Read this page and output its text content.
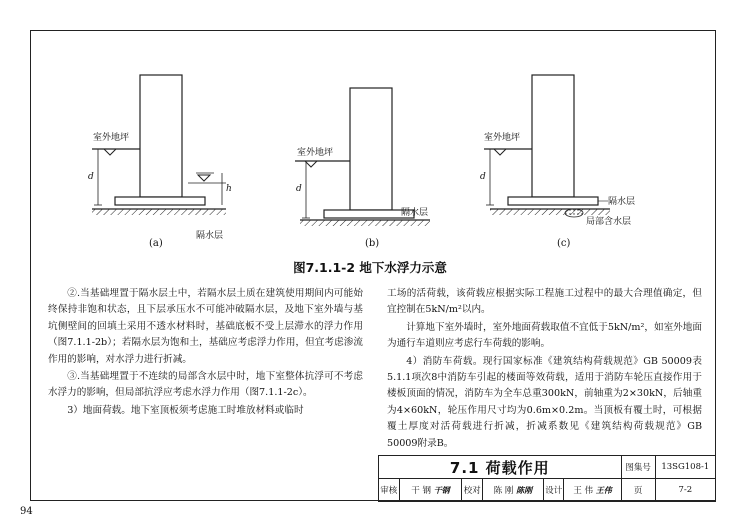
室外地坪
d
h
隔水层
(a)
室外地坪
d
隔水层
(b)
室外地坪
d
隔水层
局部含水层
(c)
图7.1.1-2 地下水浮力示意

②.当基础埋置于隔水层土中，若隔水层土质在建筑使用期间内可能始终保持非饱和状态，且下层承压水不可能冲破隔水层，及地下室外墙与基坑侧壁间的回填土采用不透水材料时，基础底板不受上层滞水的浮力作用（图7.1.1-2b）；若隔水层为饱和土，基础应考虑浮力作用，但宜考虑渗流作用的影响，对水浮力进行折减。

③.当基础埋置于不连续的局部含水层中时，地下室整体抗浮可不考虑水浮力的影响，但局部抗浮应考虑水浮力作用（图7.1.1-2c）。

3）地面荷载。地下室顶板须考虑施工时堆放材料或临时

工场的活荷载，该荷载应根据实际工程施工过程中的最大合理值确定，但宜控制在5kN/m²以内。

计算地下室外墙时，室外地面荷载取值不宜低于5kN/m²，如室外地面为通行车道则应考虑行车荷载的影响。

4）消防车荷载。现行国家标准《建筑结构荷载规范》GB 50009表5.1.1项次8中消防车引起的楼面等效荷载，适用于消防车轮压直接作用于楼板顶面的情况，消防车为全车总重300kN，前轴重为2×30kN，后轴重为4×60kN，轮压作用尺寸均为0.6m×0.2m。当顶板有覆土时，可根据覆土厚度对活荷载进行折减，折减系数见《建筑结构荷载规范》GB 50009附录B。

7.1 荷载作用						图集号	13SG108-1
审核	干 钢 干钢	校对	陈 刚 陈刚	设计	王 伟 王伟	页	7-2
94
